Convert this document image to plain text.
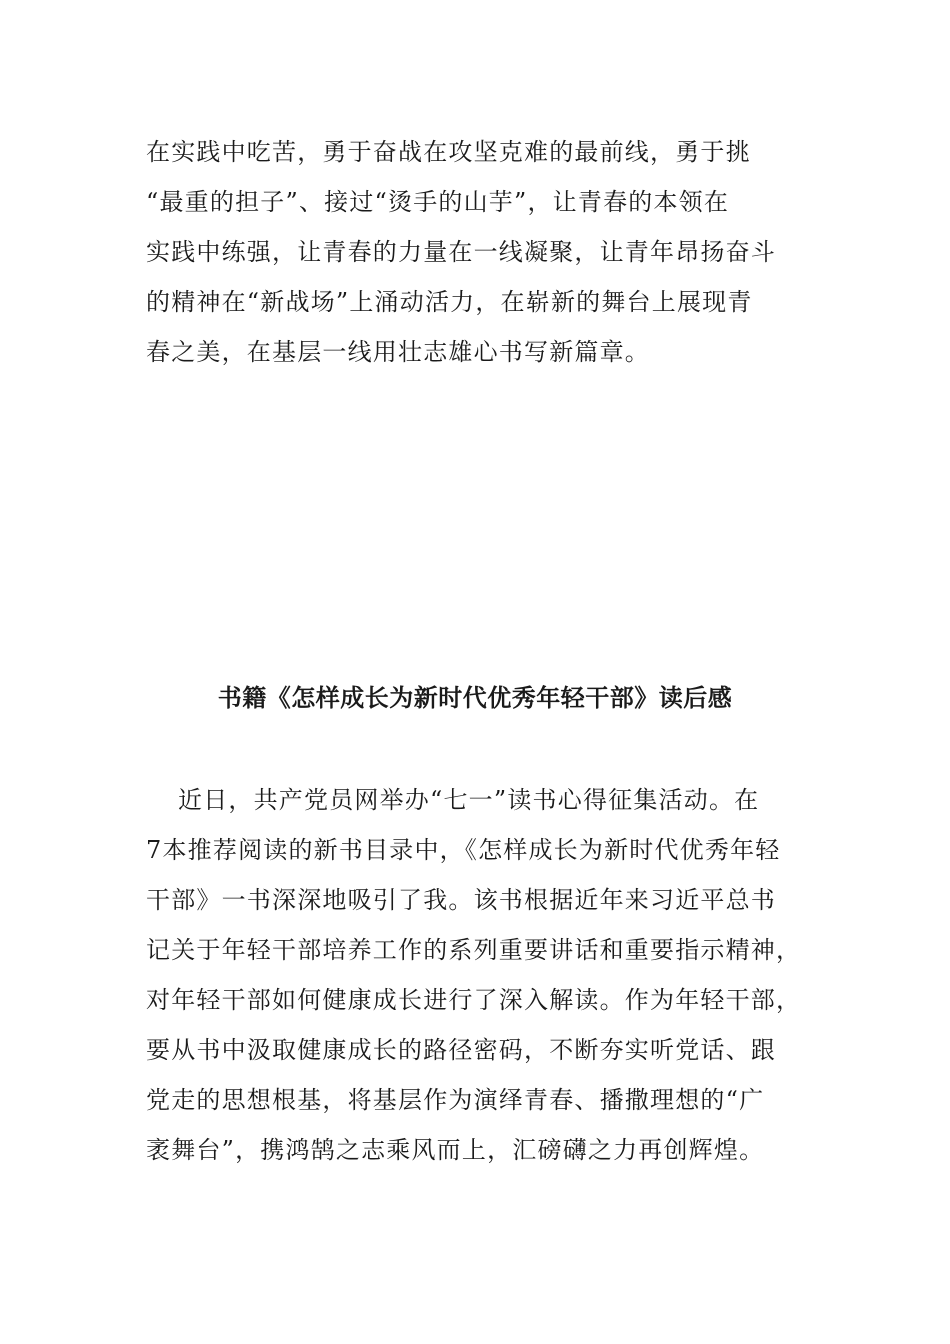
在实践中吃苦，勇于奋战在攻坚克难的最前线，勇于挑
“最重的担子”、接过“烫手的山芋”，让青春的本领在
实践中练强，让青春的力量在一线凝聚，让青年昂扬奋斗
的精神在“新战场”上涌动活力，在崭新的舞台上展现青
春之美，在基层一线用壮志雄心书写新篇章。
书籍《怎样成长为新时代优秀年轻干部》读后感
近日，共产党员网举办“七一”读书心得征集活动。在
7本推荐阅读的新书目录中，《怎样成长为新时代优秀年轻
干部》一书深深地吸引了我。该书根据近年来习近平总书
记关于年轻干部培养工作的系列重要讲话和重要指示精神，
对年轻干部如何健康成长进行了深入解读。作为年轻干部，
要从书中汲取健康成长的路径密码，不断夯实听党话、跟
党走的思想根基，将基层作为演绎青春、播撒理想的“广
袤舞台”，携鸿鹄之志乘风而上，汇磅礴之力再创辉煌。
